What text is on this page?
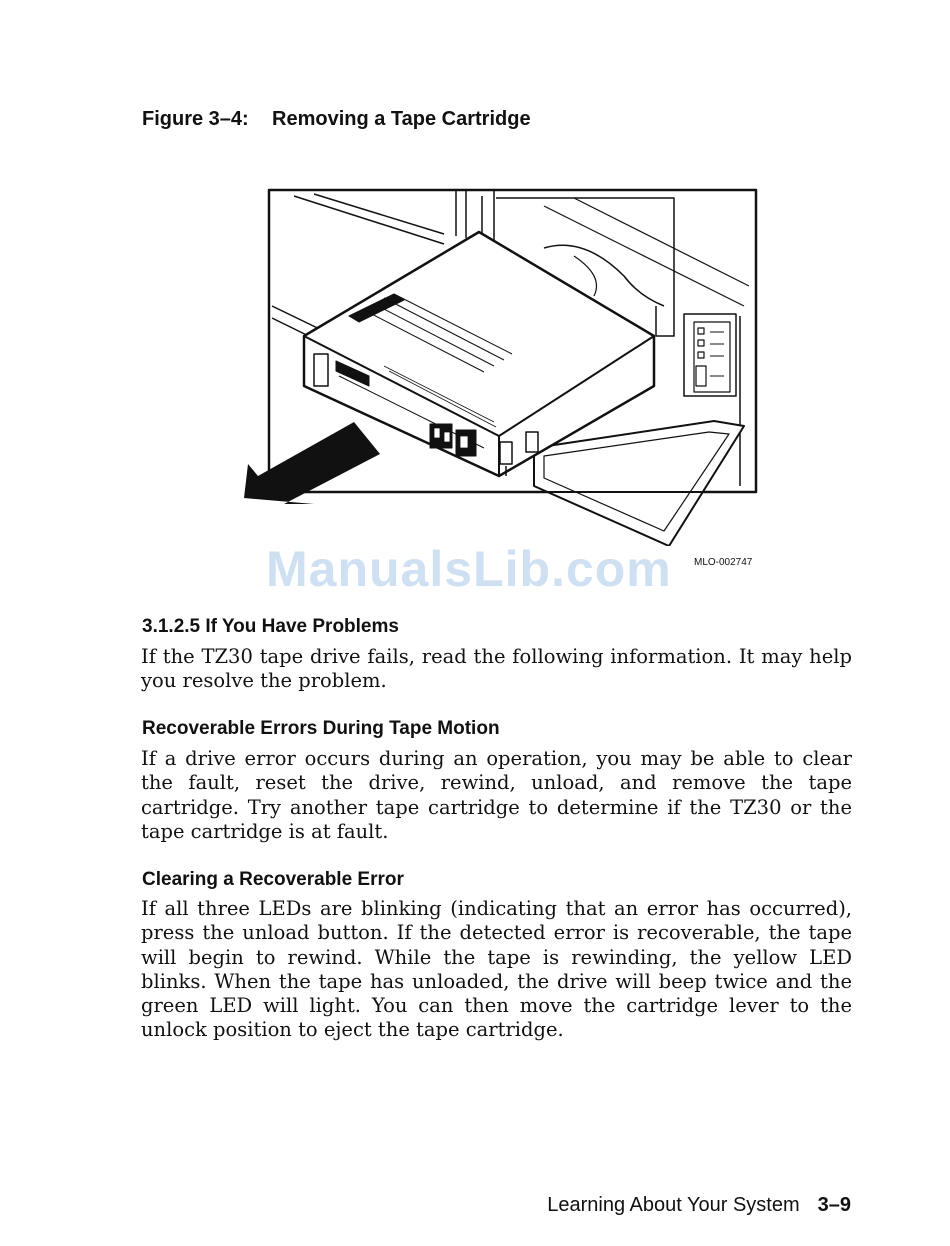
Figure 3–4: Removing a Tape Cartridge
MLO-002747
ManualsLib.com
3.1.2.5 If You Have Problems
If the TZ30 tape drive fails, read the following information. It may help you resolve the problem.
Recoverable Errors During Tape Motion
If a drive error occurs during an operation, you may be able to clear the fault, reset the drive, rewind, unload, and remove the tape cartridge. Try another tape cartridge to determine if the TZ30 or the tape cartridge is at fault.
Clearing a Recoverable Error
If all three LEDs are blinking (indicating that an error has occurred), press the unload button. If the detected error is recoverable, the tape will begin to rewind. While the tape is rewinding, the yellow LED blinks. When the tape has unloaded, the drive will beep twice and the green LED will light. You can then move the cartridge lever to the unlock position to eject the tape cartridge.
Learning About Your System 3–9
